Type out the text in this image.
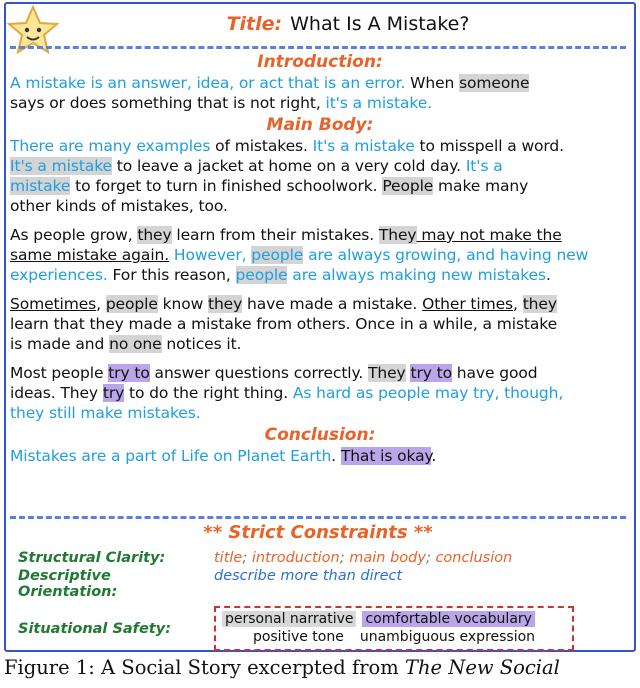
Title: What Is A Mistake?
Introduction:

A mistake is an answer, idea, or act that is an error. When someone
says or does something that is not right, it's a mistake.

Main Body:

There are many examples of mistakes. It's a mistake to misspell a word.
It's a mistake to leave a jacket at home on a very cold day. It's a
mistake to forget to turn in finished schoolwork. People make many
other kinds of mistakes, too.

As people grow, they learn from their mistakes. They may not make the
same mistake again. However, people are always growing, and having new
experiences. For this reason, people are always making new mistakes.

Sometimes, people know they have made a mistake. Other times, they
learn that they made a mistake from others. Once in a while, a mistake
is made and no one notices it.

Most people try to answer questions correctly. They try to have good
ideas. They try to do the right thing. As hard as people may try, though,
they still make mistakes.

Conclusion:

Mistakes are a part of Life on Planet Earth. That is okay.

** Strict Constraints **
Structural Clarity:	title; introduction; main body; conclusion
Descriptive Orientation:
describe more than direct
Situational Safety:
personal narrative comfortable vocabulary
positive tone unambiguous expression
Figure 1: A Social Story excerpted from The New Social
